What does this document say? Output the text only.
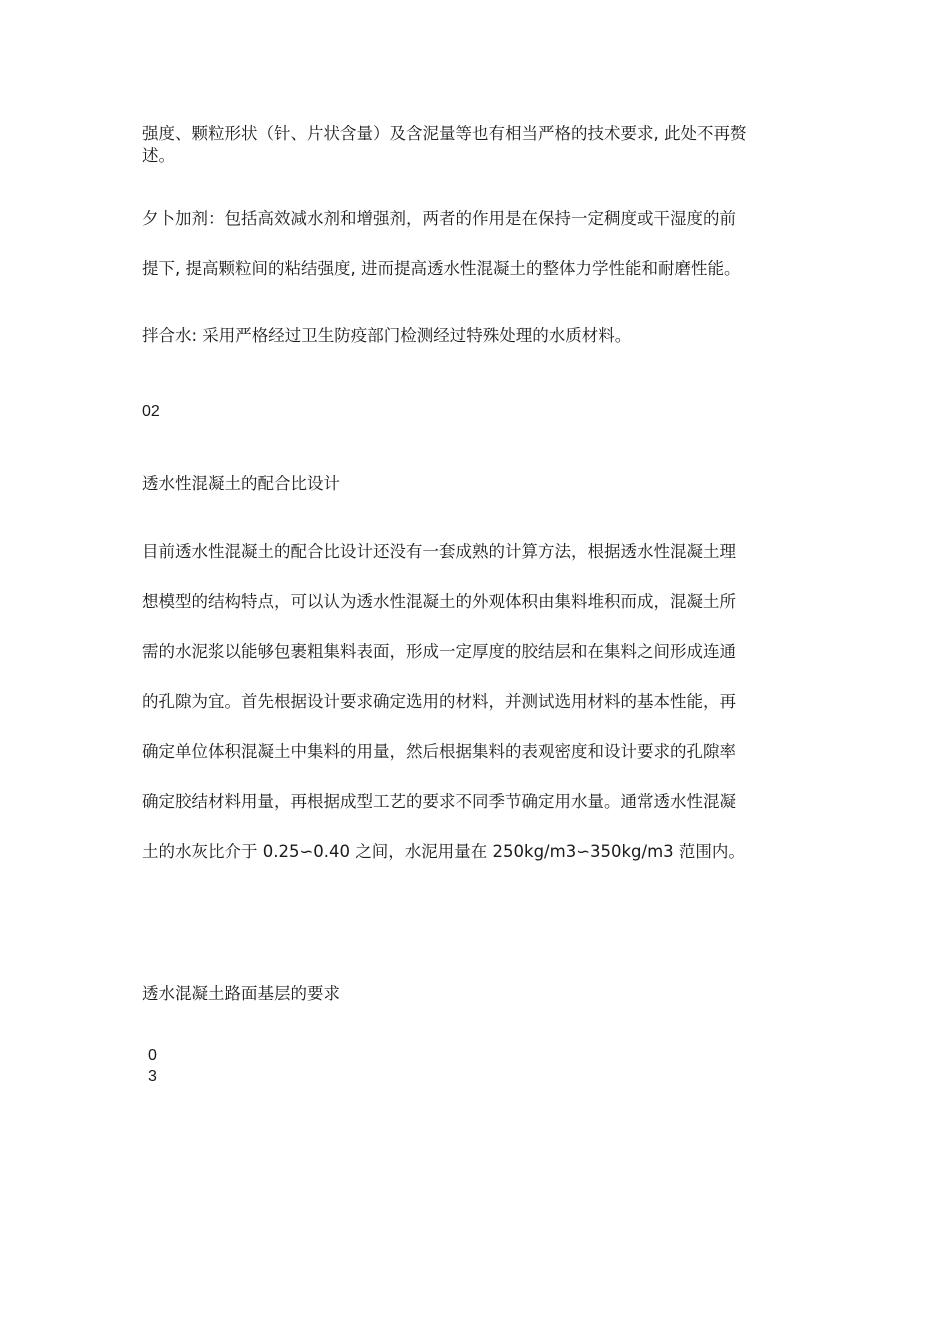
强度、颗粒形状（针、片状含量）及含泥量等也有相当严格的技术要求, 此处不再赘
述。

夕卜加剂：包括高效减水剂和增强剂，两者的作用是在保持一定稠度或干湿度的前
提下, 提高颗粒间的粘结强度, 进而提高透水性混凝土的整体力学性能和耐磨性能。

拌合水: 采用严格经过卫生防疫部门检测经过特殊处理的水质材料。

02

透水性混凝土的配合比设计

目前透水性混凝土的配合比设计还没有一套成熟的计算方法，根据透水性混凝土理
想模型的结构特点，可以认为透水性混凝土的外观体积由集料堆积而成，混凝土所
需的水泥浆以能够包裹粗集料表面，形成一定厚度的胶结层和在集料之间形成连通
的孔隙为宜。首先根据设计要求确定选用的材料，并测试选用材料的基本性能，再
确定单位体积混凝土中集料的用量，然后根据集料的表观密度和设计要求的孔隙率
确定胶结材料用量，再根据成型工艺的要求不同季节确定用水量。通常透水性混凝
土的水灰比介于 0.25∽0.40 之间，水泥用量在 250kg/m3∽350kg/m3 范围内。

透水混凝土路面基层的要求

0
3
